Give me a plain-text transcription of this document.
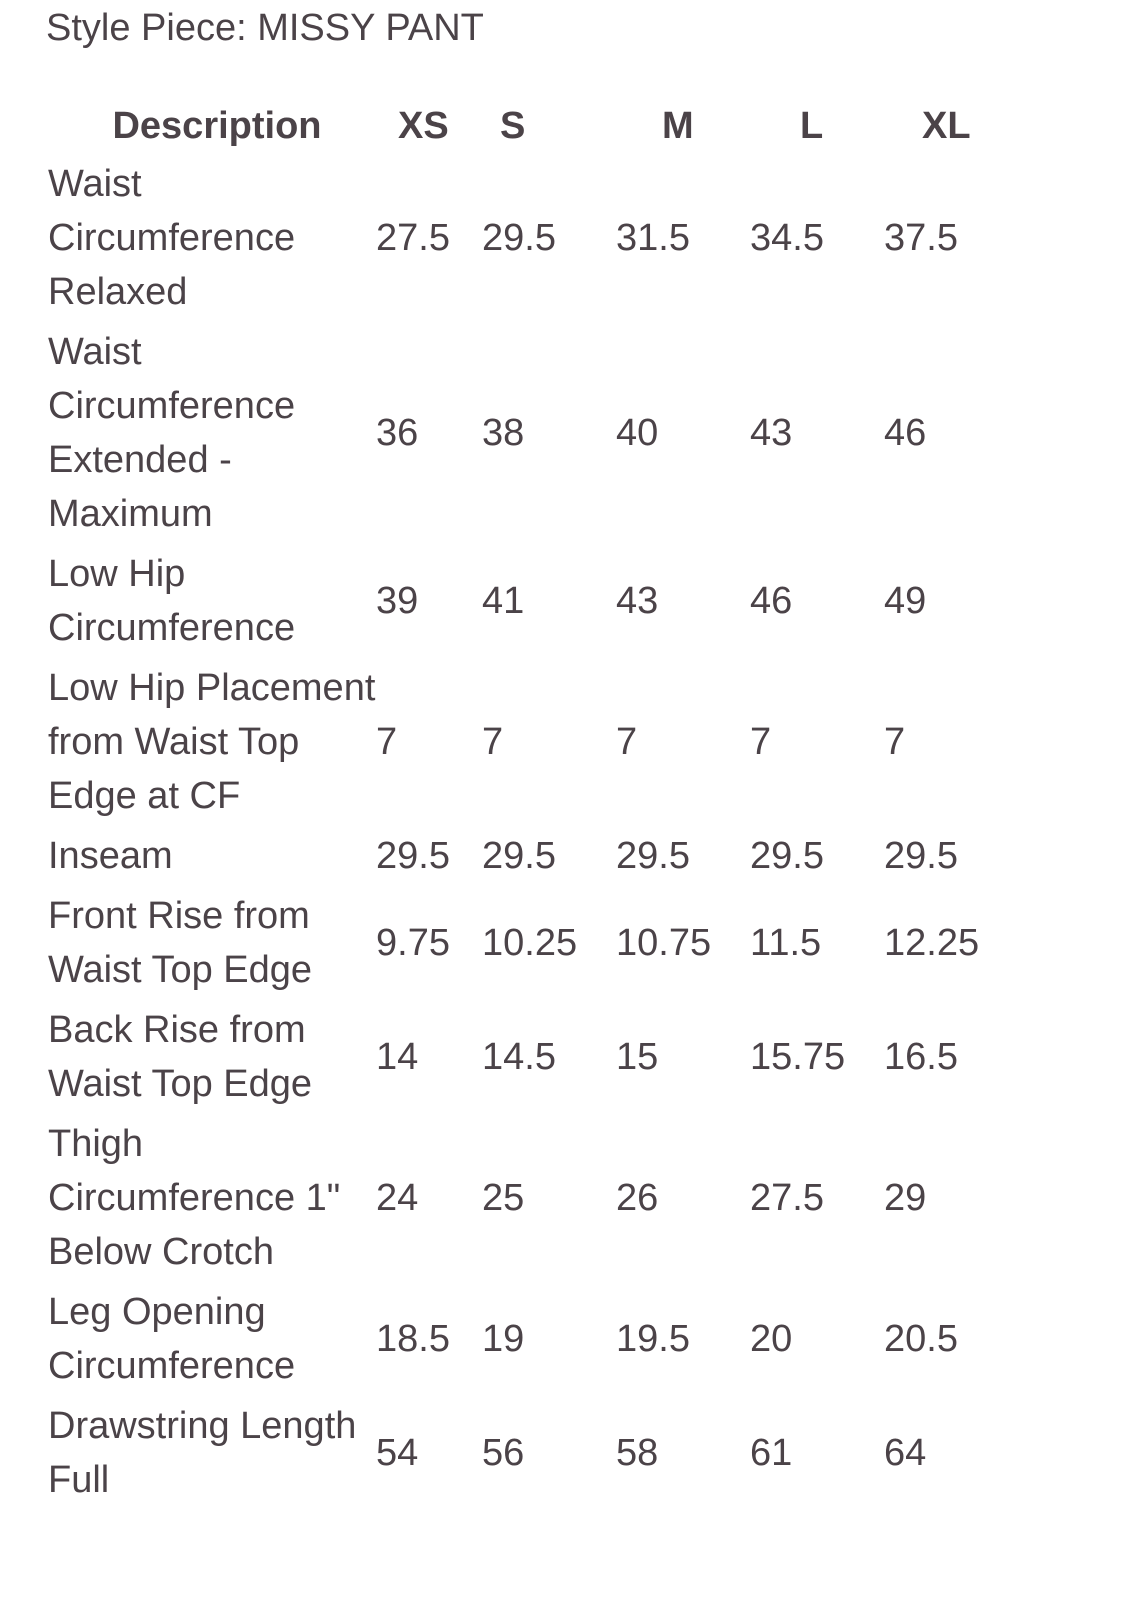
Style Piece: MISSY PANT
Description	XS	S	M	L	XL
Waist Circumference Relaxed	27.5	29.5	31.5	34.5	37.5
Waist Circumference Extended - Maximum	36	38	40	43	46
Low Hip Circumference	39	41	43	46	49
Low Hip Placement from Waist Top Edge at CF	7	7	7	7	7
Inseam	29.5	29.5	29.5	29.5	29.5
Front Rise from Waist Top Edge	9.75	10.25	10.75	11.5	12.25
Back Rise from Waist Top Edge	14	14.5	15	15.75	16.5
Thigh Circumference 1" Below Crotch	24	25	26	27.5	29
Leg Opening Circumference	18.5	19	19.5	20	20.5
Drawstring Length Full	54	56	58	61	64
